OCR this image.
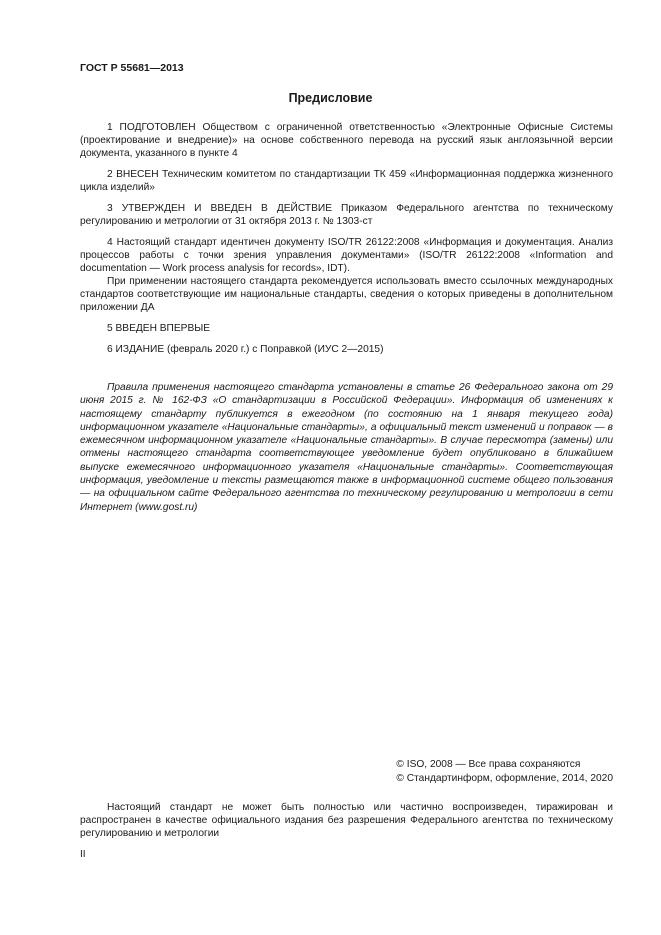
ГОСТ Р 55681—2013
Предисловие

1 ПОДГОТОВЛЕН Обществом с ограниченной ответственностью «Электронные Офисные Системы (проектирование и внедрение)» на основе собственного перевода на русский язык англоязычной версии документа, указанного в пункте 4

2 ВНЕСЕН Техническим комитетом по стандартизации ТК 459 «Информационная поддержка жизненного цикла изделий»

3 УТВЕРЖДЕН И ВВЕДЕН В ДЕЙСТВИЕ Приказом Федерального агентства по техническому регулированию и метрологии от 31 октября 2013 г. № 1303-ст

4 Настоящий стандарт идентичен документу ISO/TR 26122:2008 «Информация и документация. Анализ процессов работы с точки зрения управления документами» (ISO/TR 26122:2008 «Information and documentation — Work process analysis for records», IDT).

При применении настоящего стандарта рекомендуется использовать вместо ссылочных международных стандартов соответствующие им национальные стандарты, сведения о которых приведены в дополнительном приложении ДА

5 ВВЕДЕН ВПЕРВЫЕ

6 ИЗДАНИЕ (февраль 2020 г.) с Поправкой (ИУС 2—2015)

Правила применения настоящего стандарта установлены в статье 26 Федерального закона от 29 июня 2015 г. № 162-ФЗ «О стандартизации в Российской Федерации». Информация об изменениях к настоящему стандарту публикуется в ежегодном (по состоянию на 1 января текущего года) информационном указателе «Национальные стандарты», а официальный текст изменений и поправок — в ежемесячном информационном указателе «Национальные стандарты». В случае пересмотра (замены) или отмены настоящего стандарта соответствующее уведомление будет опубликовано в ближайшем выпуске ежемесячного информационного указателя «Национальные стандарты». Соответствующая информация, уведомление и тексты размещаются также в информационной системе общего пользования — на официальном сайте Федерального агентства по техническому регулированию и метрологии в сети Интернет (www.gost.ru)

© ISO, 2008 — Все права сохраняются
© Стандартинформ, оформление, 2014, 2020

Настоящий стандарт не может быть полностью или частично воспроизведен, тиражирован и распространен в качестве официального издания без разрешения Федерального агентства по техническому регулированию и метрологии

II
